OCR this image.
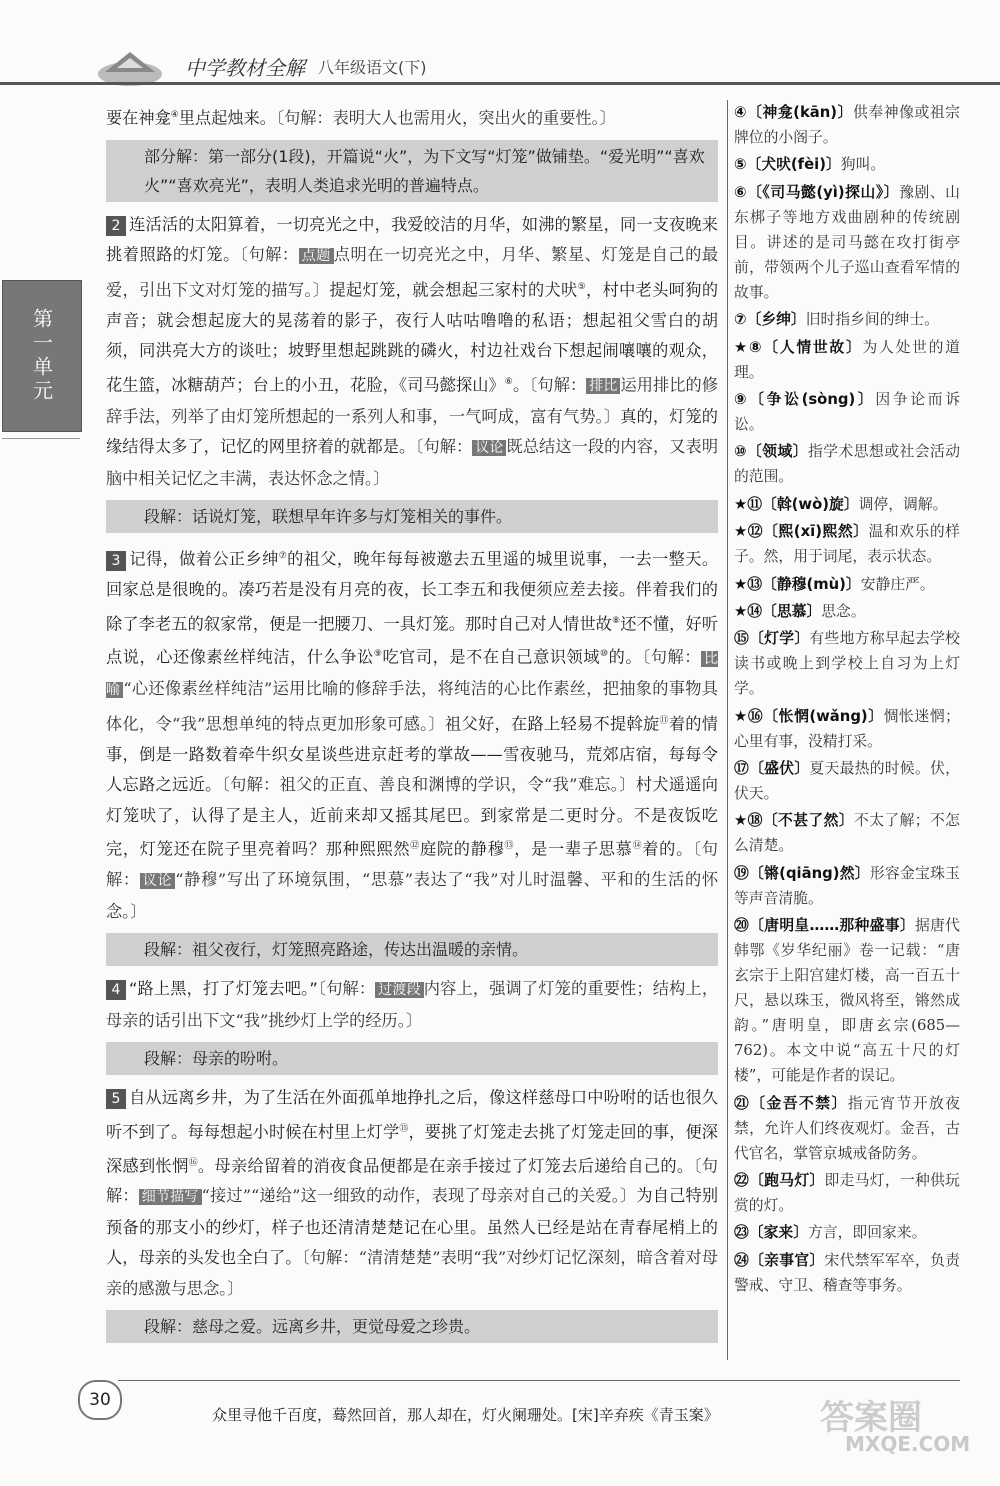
中学教材全解 八年级语文(下)
第一单元

要在神龛④里点起烛来。〔句解：表明大人也需用火，突出火的重要性。〕

部分解：第一部分(1段)，开篇说“火”，为下文写“灯笼”做铺垫。“爱光明”“喜欢火”“喜欢亮光”，表明人类追求光明的普遍特点。

2 连活活的太阳算着，一切亮光之中，我爱皎洁的月华，如沸的繁星，同一支夜晚来挑着照路的灯笼。〔句解： 点题 点明在一切亮光之中，月华、繁星、灯笼是自己的最爱，引出下文对灯笼的描写。〕提起灯笼，就会想起三家村的犬吠⑤，村中老头呵狗的声音；就会想起庞大的晃荡着的影子，夜行人咕咕噜噜的私语；想起祖父雪白的胡须，同洪亮大方的谈吐；坡野里想起跳跳的磷火，村边社戏台下想起闹嚷嚷的观众，花生篮，冰糖葫芦；台上的小丑，花脸，《司马懿探山》⑥。〔句解： 排比 运用排比的修辞手法，列举了由灯笼所想起的一系列人和事，一气呵成，富有气势。〕真的，灯笼的缘结得太多了，记忆的网里挤着的就都是。〔句解： 议论 既总结这一段的内容，又表明脑中相关记忆之丰满，表达怀念之情。〕

段解：话说灯笼，联想早年许多与灯笼相关的事件。

3 记得，做着公正乡绅⑦的祖父，晚年每每被邀去五里遥的城里说事，一去一整天。回家总是很晚的。凑巧若是没有月亮的夜，长工李五和我便须应差去接。伴着我们的除了李老五的叙家常，便是一把腰刀、一具灯笼。那时自己对人情世故⑧还不懂，好听点说，心还像素丝样纯洁，什么争讼⑨吃官司，是不在自己意识领域⑩的。〔句解： 比喻 “心还像素丝样纯洁”运用比喻的修辞手法，将纯洁的心比作素丝，把抽象的事物具体化，令“我”思想单纯的特点更加形象可感。〕祖父好，在路上轻易不提斡旋⑪着的情事，倒是一路数着牵牛织女星谈些进京赶考的掌故——雪夜驰马，荒郊店宿，每每令人忘路之远近。〔句解：祖父的正直、善良和渊博的学识，令“我”难忘。〕村犬遥遥向灯笼吠了，认得了是主人，近前来却又摇其尾巴。到家常是二更时分。不是夜饭吃完，灯笼还在院子里亮着吗？那种熙熙然⑫庭院的静穆⑬，是一辈子思慕⑭着的。〔句解： 议论 “静穆”写出了环境氛围，“思慕”表达了“我”对儿时温馨、平和的生活的怀念。〕

段解：祖父夜行，灯笼照亮路途，传达出温暖的亲情。

4 “路上黑，打了灯笼去吧。”〔句解： 过渡段 内容上，强调了灯笼的重要性；结构上，母亲的话引出下文“我”挑纱灯上学的经历。〕

段解：母亲的吩咐。

5 自从远离乡井，为了生活在外面孤单地挣扎之后，像这样慈母口中吩咐的话也很久听不到了。每每想起小时候在村里上灯学⑮，要挑了灯笼走去挑了灯笼走回的事，便深深感到怅惘⑯。母亲给留着的消夜食品便都是在亲手接过了灯笼去后递给自己的。〔句解： 细节描写 “接过”“递给”这一细致的动作，表现了母亲对自己的关爱。〕为自己特别预备的那支小的纱灯，样子也还清清楚楚记在心里。虽然人已经是站在青春尾梢上的人，母亲的头发也全白了。〔句解：“清清楚楚”表明“我”对纱灯记忆深刻，暗含着对母亲的感激与思念。〕

段解：慈母之爱。远离乡井，更觉母爱之珍贵。

④〔神龛(kān)〕供奉神像或祖宗牌位的小阁子。

⑤〔犬吠(fèi)〕狗叫。

⑥〔《司马懿(yì)探山》〕豫剧、山东梆子等地方戏曲剧种的传统剧目。讲述的是司马懿在攻打街亭前，带领两个儿子巡山查看军情的故事。

⑦〔乡绅〕旧时指乡间的绅士。

★⑧〔人情世故〕为人处世的道理。

⑨〔争讼(sòng)〕因争论而诉讼。

⑩〔领域〕指学术思想或社会活动的范围。

★⑪〔斡(wò)旋〕调停，调解。

★⑫〔熙(xī)熙然〕温和欢乐的样子。然，用于词尾，表示状态。

★⑬〔静穆(mù)〕安静庄严。

★⑭〔思慕〕思念。

⑮〔灯学〕有些地方称早起去学校读书或晚上到学校上自习为上灯学。

★⑯〔怅惘(wǎng)〕惆怅迷惘；心里有事，没精打采。

⑰〔盛伏〕夏天最热的时候。伏，伏天。

★⑱〔不甚了然〕不太了解；不怎么清楚。

⑲〔锵(qiāng)然〕形容金宝珠玉等声音清脆。

⑳〔唐明皇……那种盛事〕据唐代韩鄂《岁华纪丽》卷一记载：“唐玄宗于上阳宫建灯楼，高一百五十尺，悬以珠玉，微风将至，锵然成韵。”唐明皇，即唐玄宗(685—762)。本文中说“高五十尺的灯楼”，可能是作者的误记。

㉑〔金吾不禁〕指元宵节开放夜禁，允许人们终夜观灯。金吾，古代官名，掌管京城戒备防务。

㉒〔跑马灯〕即走马灯，一种供玩赏的灯。

㉓〔家来〕方言，即回家来。

㉔〔亲事官〕宋代禁军军卒，负责警戒、守卫、稽查等事务。

30
众里寻他千百度，蓦然回首，那人却在，灯火阑珊处。[宋]辛弃疾《青玉案》	答案圈
MXQE.COM
